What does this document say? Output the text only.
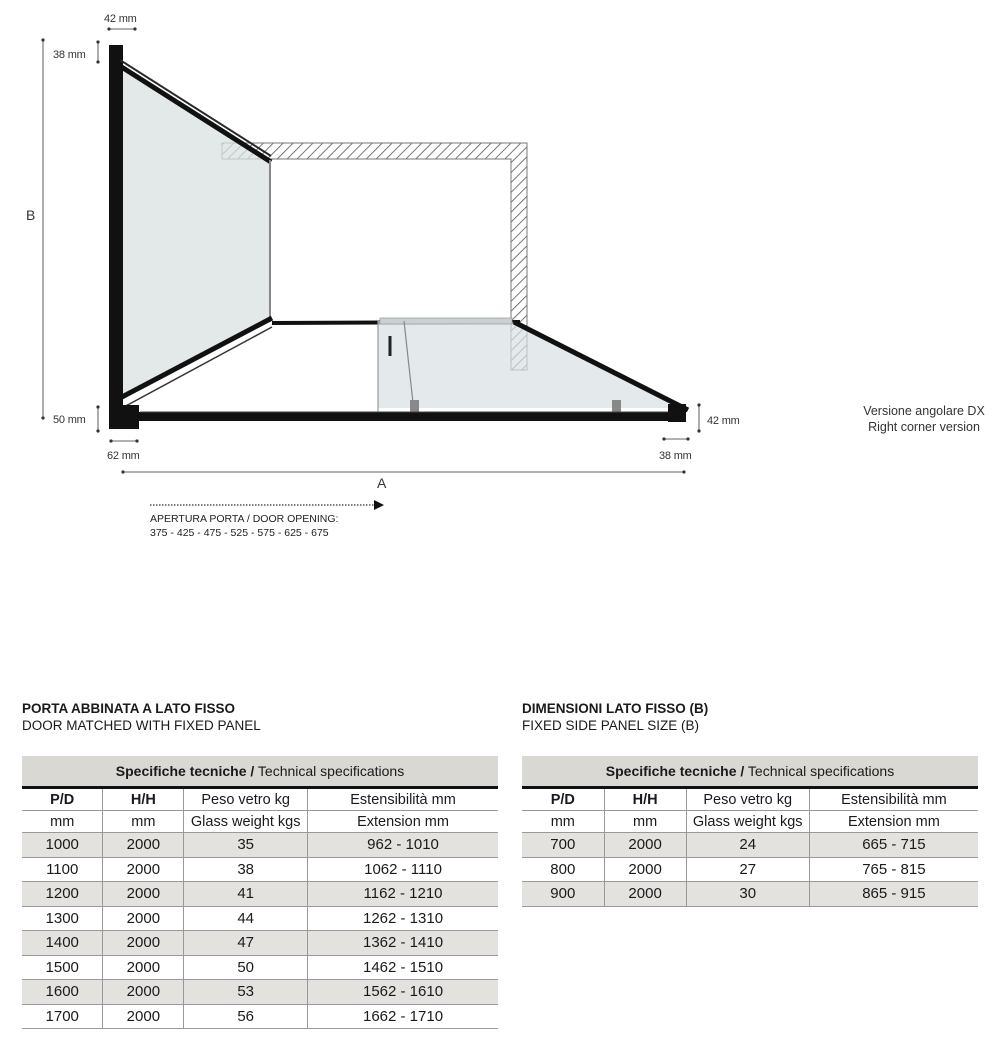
42 mm
38 mm
B
50 mm
62 mm
42 mm
38 mm
A
Versione angolare DX
Right corner version
APERTURA PORTA / DOOR OPENING:
375 - 425 - 475 - 525 - 575 - 625 - 675
PORTA ABBINATA A LATO FISSO
DOOR MATCHED WITH FIXED PANEL
Specifiche tecniche / Technical specifications			
P/D	H/H	Peso vetro kg	Estensibilità mm
mm	mm	Glass weight kgs	Extension mm
1000	2000	35	962 - 1010
1100	2000	38	1062 - 1110
1200	2000	41	1162 - 1210
1300	2000	44	1262 - 1310
1400	2000	47	1362 - 1410
1500	2000	50	1462 - 1510
1600	2000	53	1562 - 1610
1700	2000	56	1662 - 1710
DIMENSIONI LATO FISSO (B)
FIXED SIDE PANEL SIZE (B)
Specifiche tecniche / Technical specifications			
P/D	H/H	Peso vetro kg	Estensibilità mm
mm	mm	Glass weight kgs	Extension mm
700	2000	24	665 - 715
800	2000	27	765 - 815
900	2000	30	865 - 915
